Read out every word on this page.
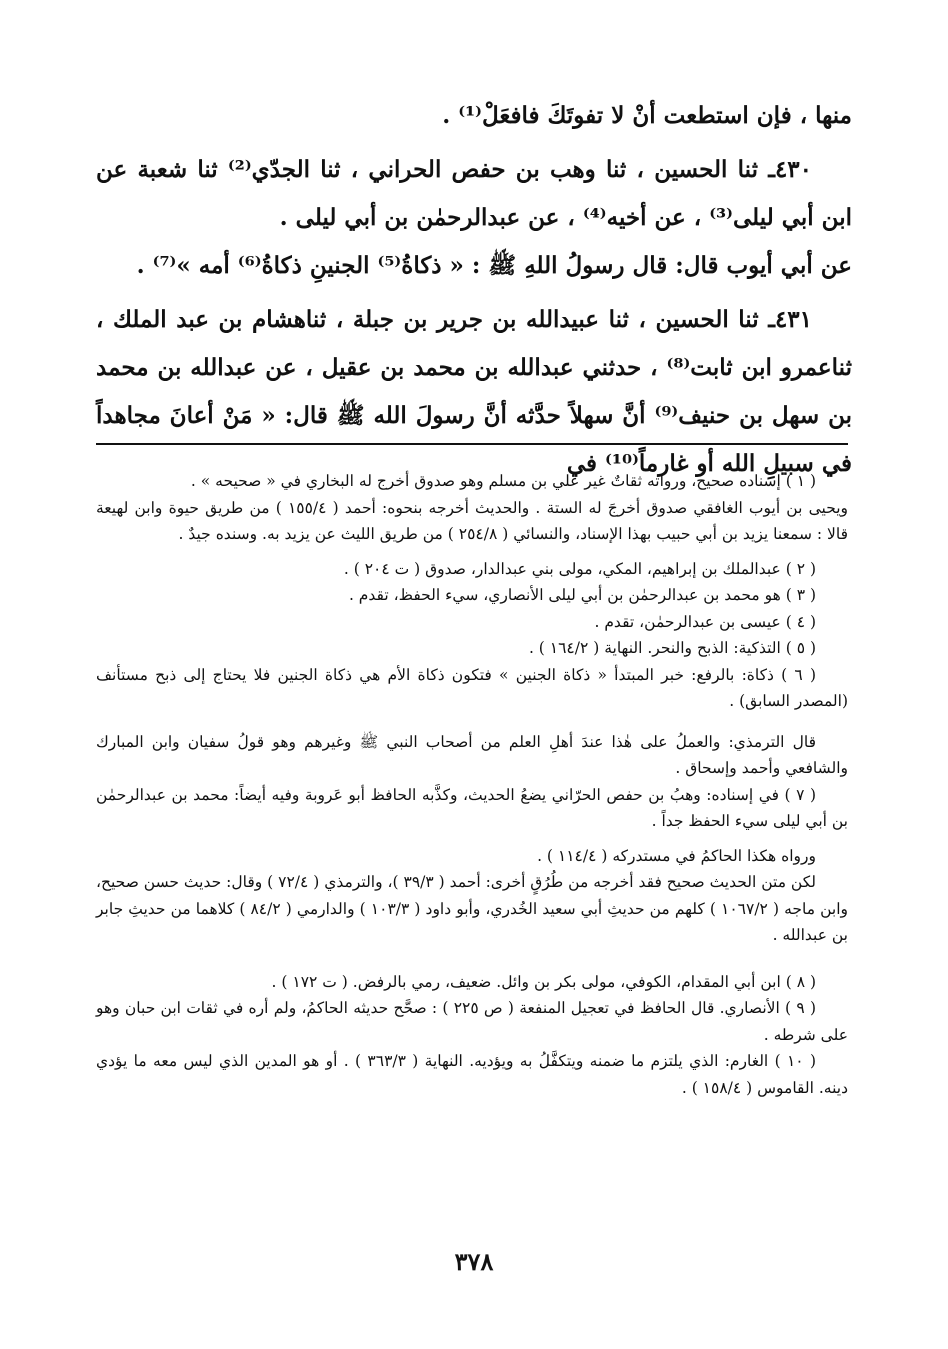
منها ، فإن استطعت أنْ لا تفوتَكَ فافعَلْ⁽¹⁾ .

٤٣٠ـ ثنا الحسين ، ثنا وهب بن حفص الحراني ، ثنا الجدّي⁽²⁾ ثنا شعبة عن ابن أبي ليلى⁽³⁾ ، عن أخيه⁽⁴⁾ ، عن عبدالرحمٰن بن أبي ليلى .

عن أبي أيوب قال: قال رسولُ اللهِ ﷺ : « ذكاةُ⁽⁵⁾ الجنينِ ذكاةُ⁽⁶⁾ أمه »⁽⁷⁾ .

٤٣١ـ ثنا الحسين ، ثنا عبيدالله بن جرير بن جبلة ، ثناهشام بن عبد الملك ، ثناعمرو ابن ثابت⁽⁸⁾ ، حدثني عبدالله بن محمد بن عقيل ، عن عبدالله بن محمد بن سهل بن حنيف⁽⁹⁾ أنَّ سهلاً حدَّثه أنَّ رسولَ الله ﷺ قال: « مَنْ أعانَ مجاهداً في سبيلِ الله أو غارماً⁽¹⁰⁾ في

( ١ ) إسناده صحيح، ورواته ثقاتٌ غير علي بن مسلم وهو صدوق أخرج له البخاري في « صحيحه » .

ويحيى بن أيوب الغافقي صدوق أخرجَ له الستة . والحديث أخرجه بنحوه: أحمد ( ١٥٥/٤ ) من طريق حيوة وابن لهيعة قالا : سمعنا يزيد بن أبي حبيب بهذا الإسناد، والنسائي ( ٢٥٤/٨ ) من طريق الليث عن يزيد به. وسنده جيدٌ .

( ٢ ) عبدالملك بن إبراهيم، المكي، مولى بني عبدالدار، صدوق ( ت ٢٠٤ ) .

( ٣ ) هو محمد بن عبدالرحمٰن بن أبي ليلى الأنصاري، سيء الحفظ، تقدم .

( ٤ ) عيسى بن عبدالرحمٰن، تقدم .

( ٥ ) التذكية: الذبح والنحر. النهاية ( ١٦٤/٢ ) .

( ٦ ) ذكاة: بالرفع: خبر المبتدأ « ذكاة الجنين » فتكون ذكاة الأم هي ذكاة الجنين فلا يحتاج إلى ذبح مستأنف (المصدر السابق) .

قال الترمذي: والعملُ على هٰذا عندَ أهلِ العلم من أصحاب النبي ﷺ وغيرهم وهو قولُ سفيان وابن المبارك والشافعي وأحمد وإسحاق .

( ٧ ) في إسناده: وهبُ بن حفص الحرّاني يضعُ الحديث، وكذَّبه الحافظ أبو عَروبة وفيه أيضاً: محمد بن عبدالرحمٰن بن أبي ليلى سيء الحفظ جداً .

ورواه هكذا الحاكمُ في مستدركه ( ١١٤/٤ ) .

لكن متن الحديث صحيح فقد أخرجه من طُرُقٍ أخرى: أحمد ( ٣٩/٣ )، والترمذي ( ٧٢/٤ ) وقال: حديث حسن صحيح، وابن ماجه ( ١٠٦٧/٢ ) كلهم من حديثِ أبي سعيد الخُدري، وأبو داود ( ١٠٣/٣ ) والدارمي ( ٨٤/٢ ) كلاهما من حديثِ جابر بن عبدالله .

( ٨ ) ابن أبي المقدام، الكوفي، مولى بكر بن وائل. ضعيف، رمي بالرفض. ( ت ١٧٢ ) .

( ٩ ) الأنصاري. قال الحافظ في تعجيل المنفعة ( ص ٢٢٥ ) : صحَّح حديثه الحاكمُ، ولم أره في ثقات ابن حبان وهو على شرطه .

( ١٠ ) الغارم: الذي يلتزم ما ضمنه ويتكفَّلُ به ويؤديه. النهاية ( ٣٦٣/٣ ) . أو هو المدين الذي ليس معه ما يؤدي دينه. القاموس ( ١٥٨/٤ ) .

٣٧٨
